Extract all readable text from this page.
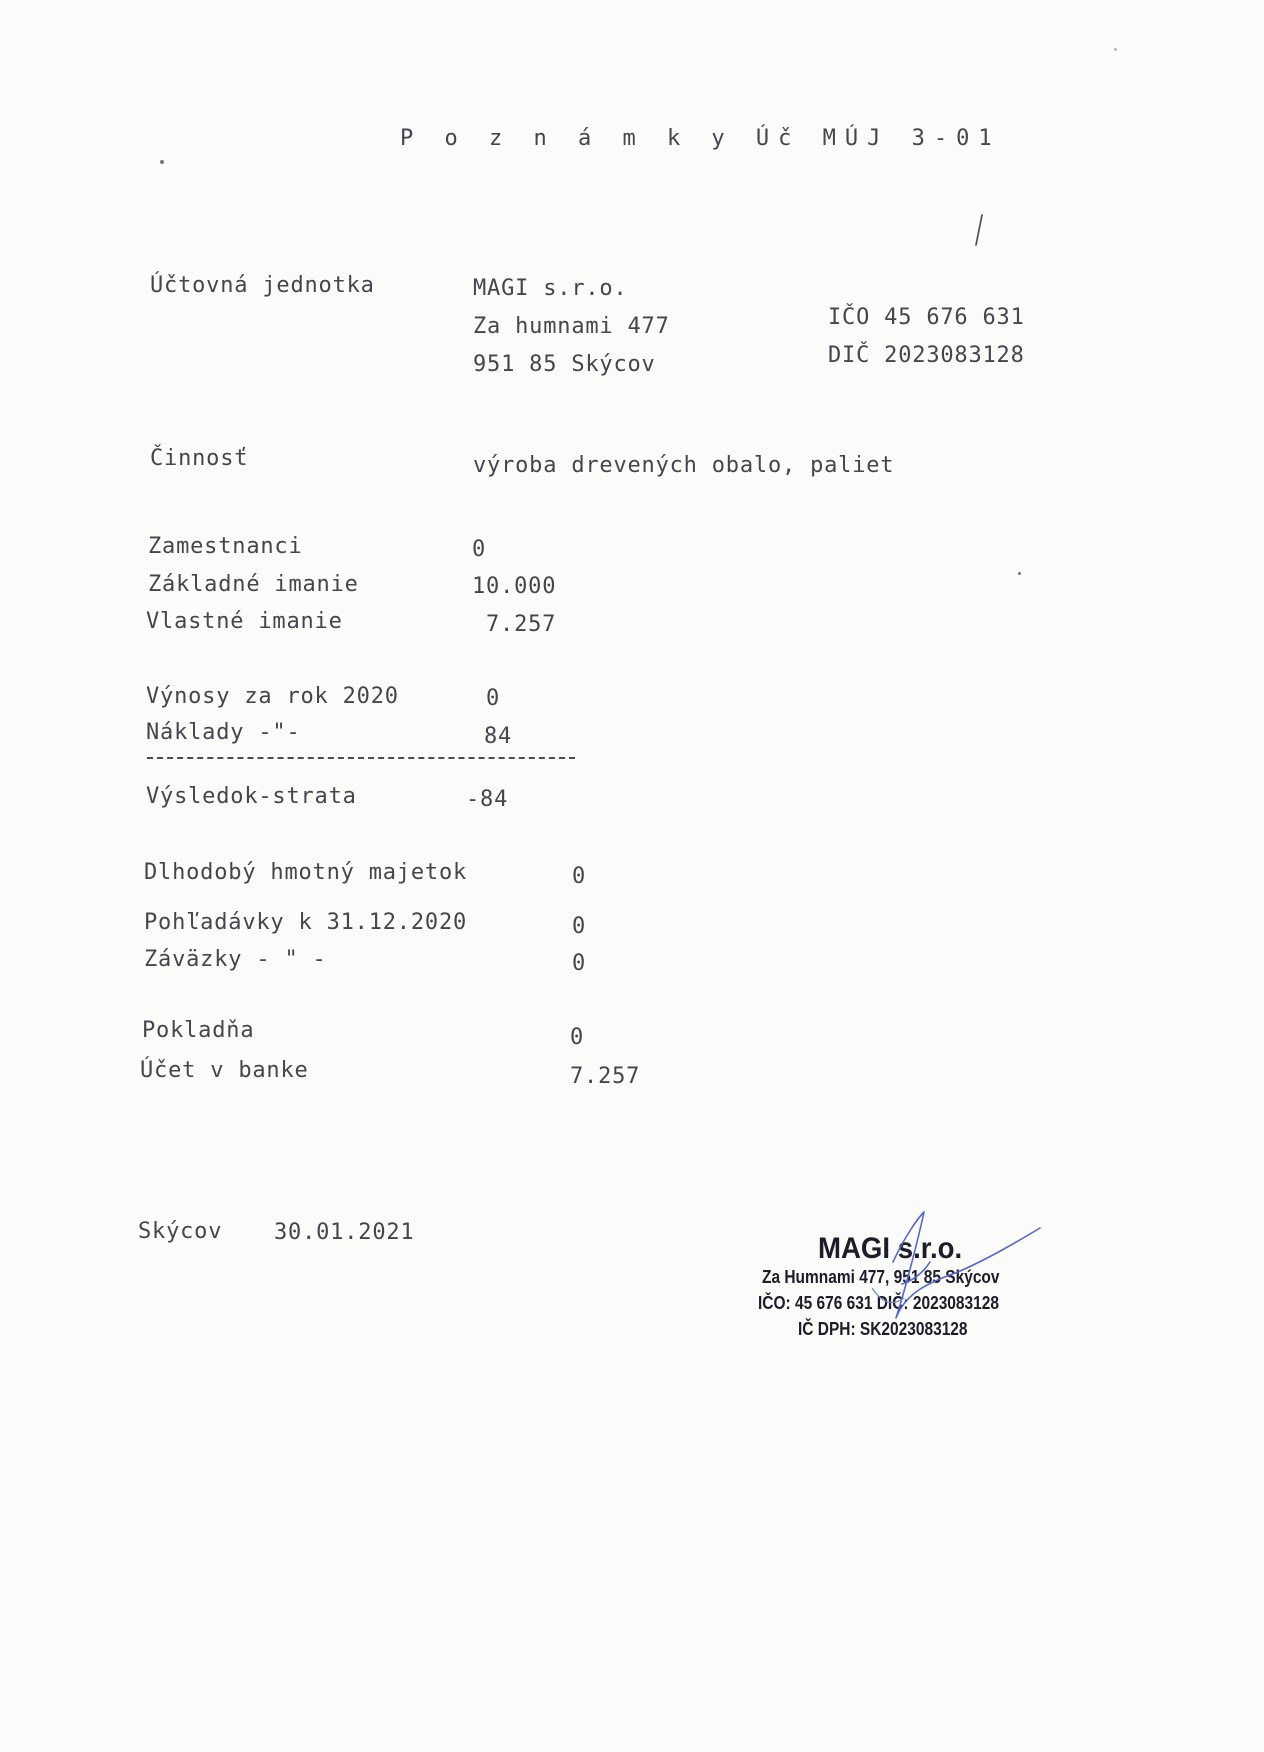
P o z n á m k y Úč MÚJ 3-01
Účtovná jednotka	MAGI s.r.o.
Za humnami 477
951 85 Skýcov
IČO 45 676 631
DIČ 2023083128
Činnosť	výroba drevených obalo, paliet
Zamestnanci	0
Základné imanie	10.000
Vlastné imanie	7.257
Výnosy za rok 2020	0
Náklady -"-	84
Výsledok-strata	-84
Dlhodobý hmotný majetok	0
Pohľadávky k 31.12.2020	0
Záväzky - " -	0
Pokladňa	0
Účet v banke	7.257
Skýcov 30.01.2021	MAGI s.r.o.
Za Humnami 477, 951 85 Skýcov
IČO: 45 676 631 DIČ: 2023083128
IČ DPH: SK2023083128
